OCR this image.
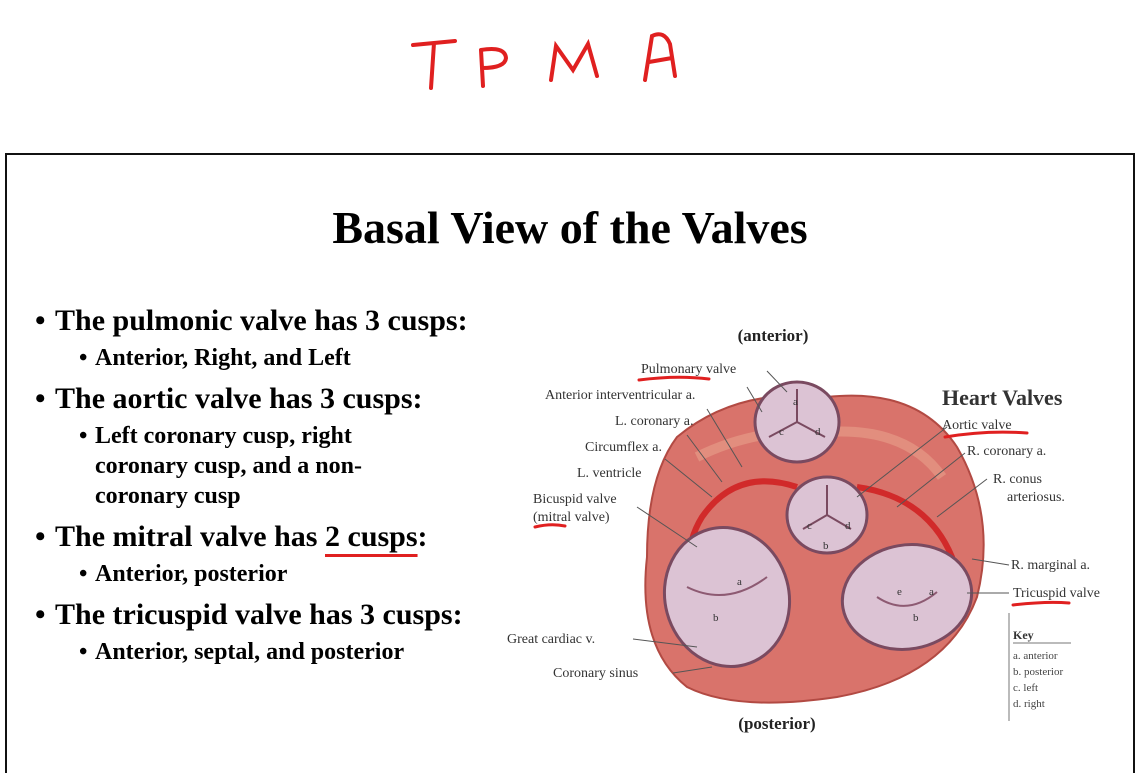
Basal View of the Valves
• The pulmonic valve has 3 cusps:
• Anterior, Right, and Left
• The aortic valve has 3 cusps:
• Left coronary cusp, right coronary cusp, and a non-coronary cusp
• The mitral valve has 2 cusps:
• Anterior, posterior
• The tricuspid valve has 3 cusps:
• Anterior, septal, and posterior
a
c	d
c	d
b
a
b
e a
b
(anterior)
(posterior)
Heart Valves
Pulmonary valve
Anterior interventricular a.
L. coronary a.
Circumflex a.
L. ventricle
Bicuspid valve
(mitral valve)
Great cardiac v.
Coronary sinus
Aortic valve
R. coronary a.
R. conus
arteriosus.
R. marginal a.
Tricuspid valve
Key
a. anterior
b. posterior
c. left
d. right
